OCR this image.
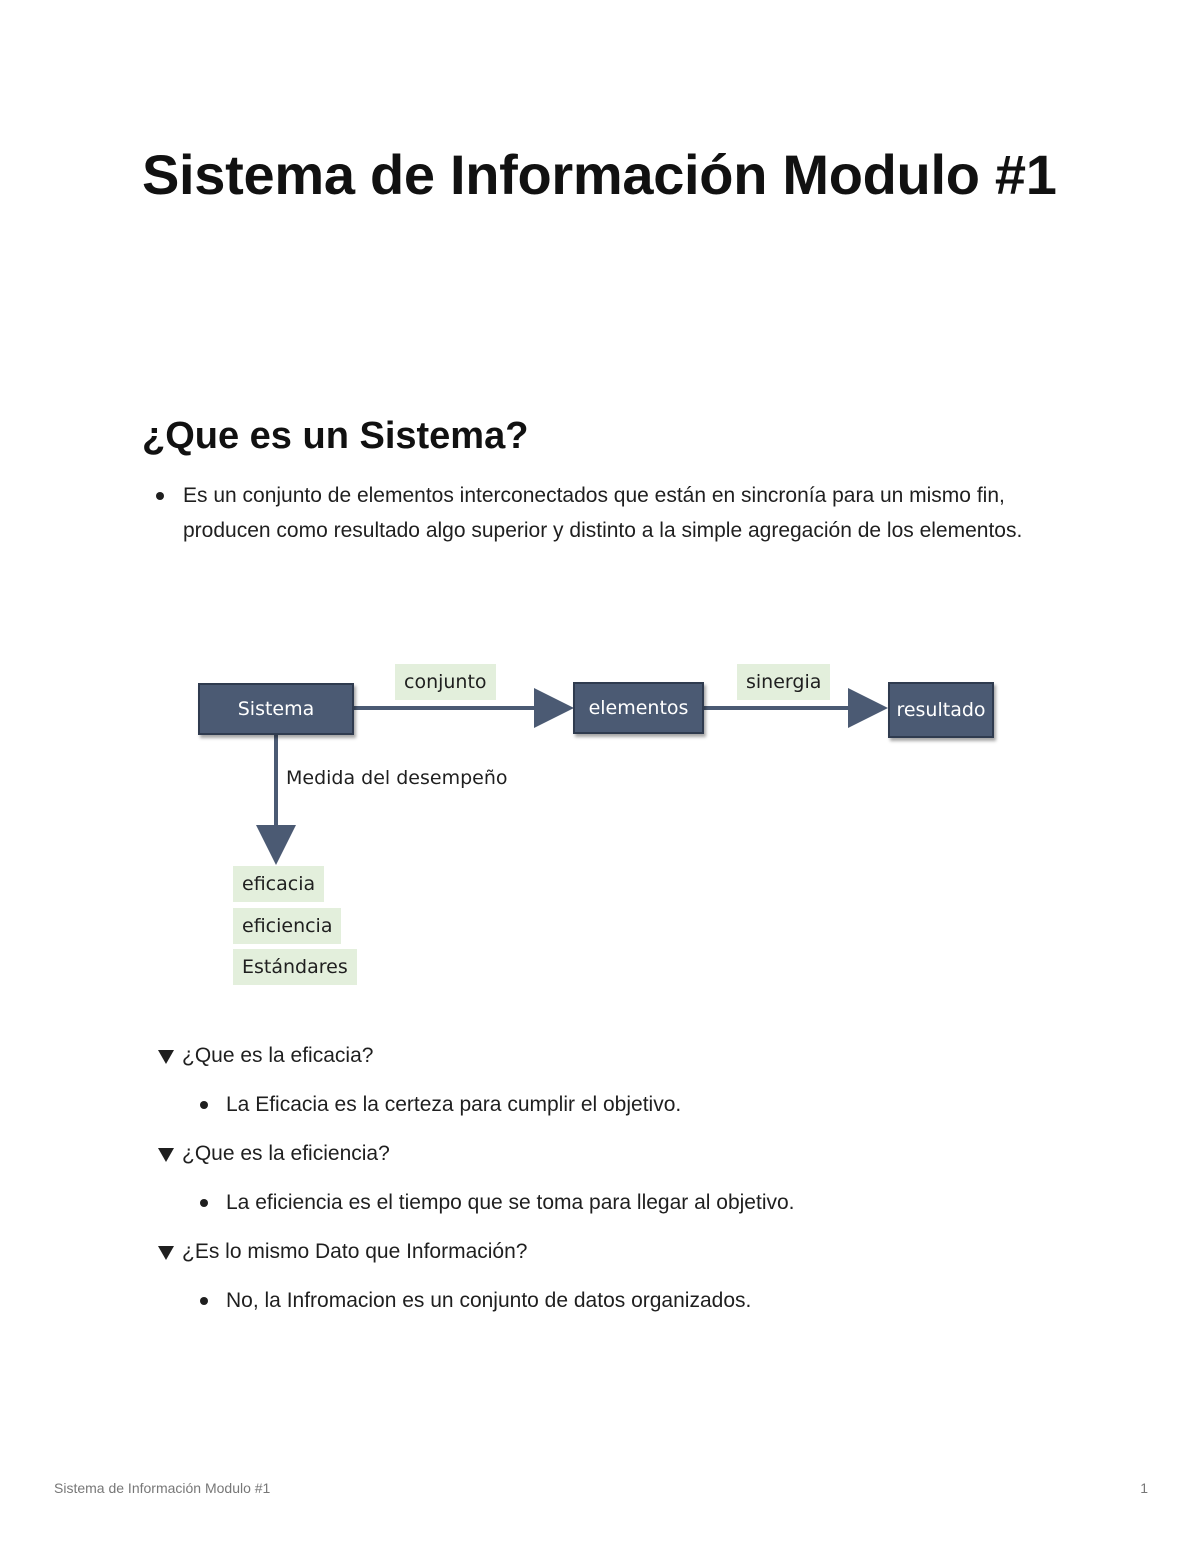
Sistema de Información Modulo #1
¿Que es un Sistema?
Es un conjunto de elementos interconectados que están en sincronía para un mismo fin, producen como resultado algo superior y distinto a la simple agregación de los elementos.
Sistema	elementos	resultado
conjunto	sinergia
Medida del desempeño
eficacia
eficiencia
Estándares
¿Que es la eficacia?
La Eficacia es la certeza para cumplir el objetivo.
¿Que es la eficiencia?
La eficiencia es el tiempo que se toma para llegar al objetivo.
¿Es lo mismo Dato que Información?
No, la Infromacion es un conjunto de datos organizados.
Sistema de Información Modulo #1	1
